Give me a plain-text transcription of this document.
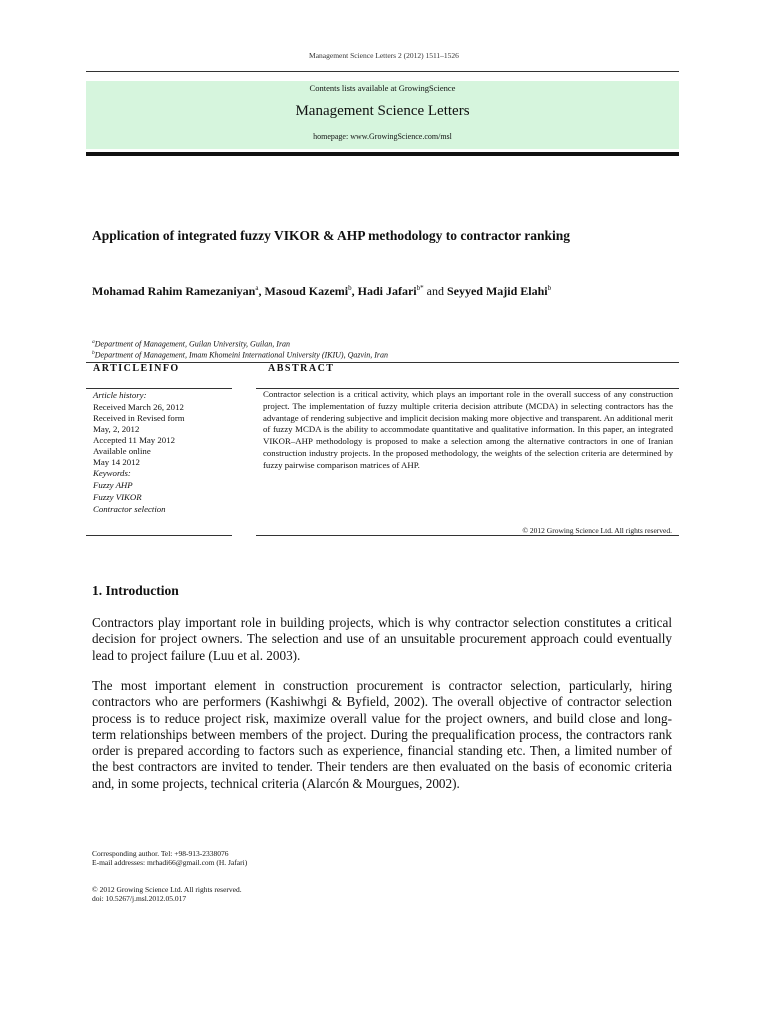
Management Science Letters 2 (2012) 1511–1526
Contents lists available at GrowingScience
Management Science Letters
homepage: www.GrowingScience.com/msl
Application of integrated fuzzy VIKOR & AHP methodology to contractor ranking
Mohamad Rahim Ramezaniyan$^a$, Masoud Kazemi$^b$, Hadi Jafari$^{b*}$ and Seyyed Majid Elahi$^b$
$^a$Department of Management, Guilan University, Guilan, Iran
$^b$Department of Management, Imam Khomeini International University (IKIU), Qazvin, Iran
ARTICLEINFO	ABSTRACT
Article history:
Received March 26, 2012
Received in Revised form
May, 2, 2012
Accepted 11 May 2012
Available online
May 14 2012
Keywords:
Fuzzy AHP
Fuzzy VIKOR
Contractor selection
Contractor selection is a critical activity, which plays an important role in the overall success of any construction project. The implementation of fuzzy multiple criteria decision attribute (MCDA) in selecting contractors has the advantage of rendering subjective and implicit decision making more objective and transparent. An additional merit of fuzzy MCDA is the ability to accommodate quantitative and qualitative information. In this paper, an integrated VIKOR–AHP methodology is proposed to make a selection among the alternative contractors in one of Iranian construction industry projects. In the proposed methodology, the weights of the selection criteria are determined by fuzzy pairwise comparison matrices of AHP.
© 2012 Growing Science Ltd. All rights reserved.
1. Introduction
Contractors play important role in building projects, which is why contractor selection constitutes a critical decision for project owners. The selection and use of an unsuitable procurement approach could eventually lead to project failure (Luu et al. 2003).
The most important element in construction procurement is contractor selection, particularly, hiring contractors who are performers (Kashiwhgi & Byfield, 2002). The overall objective of contractor selection process is to reduce project risk, maximize overall value for the project owners, and build close and long-term relationships between members of the project. During the prequalification process, the contractors rank order is prepared according to factors such as experience, financial standing etc. Then, a limited number of the best contractors are invited to tender. Their tenders are then evaluated on the basis of economic criteria and, in some projects, technical criteria (Alarcón & Mourgues, 2002).
Corresponding author. Tel: +98-913-2338076
E-mail addresses: mrhadi66@gmail.com (H. Jafari)
© 2012 Growing Science Ltd. All rights reserved.
doi: 10.5267/j.msl.2012.05.017
